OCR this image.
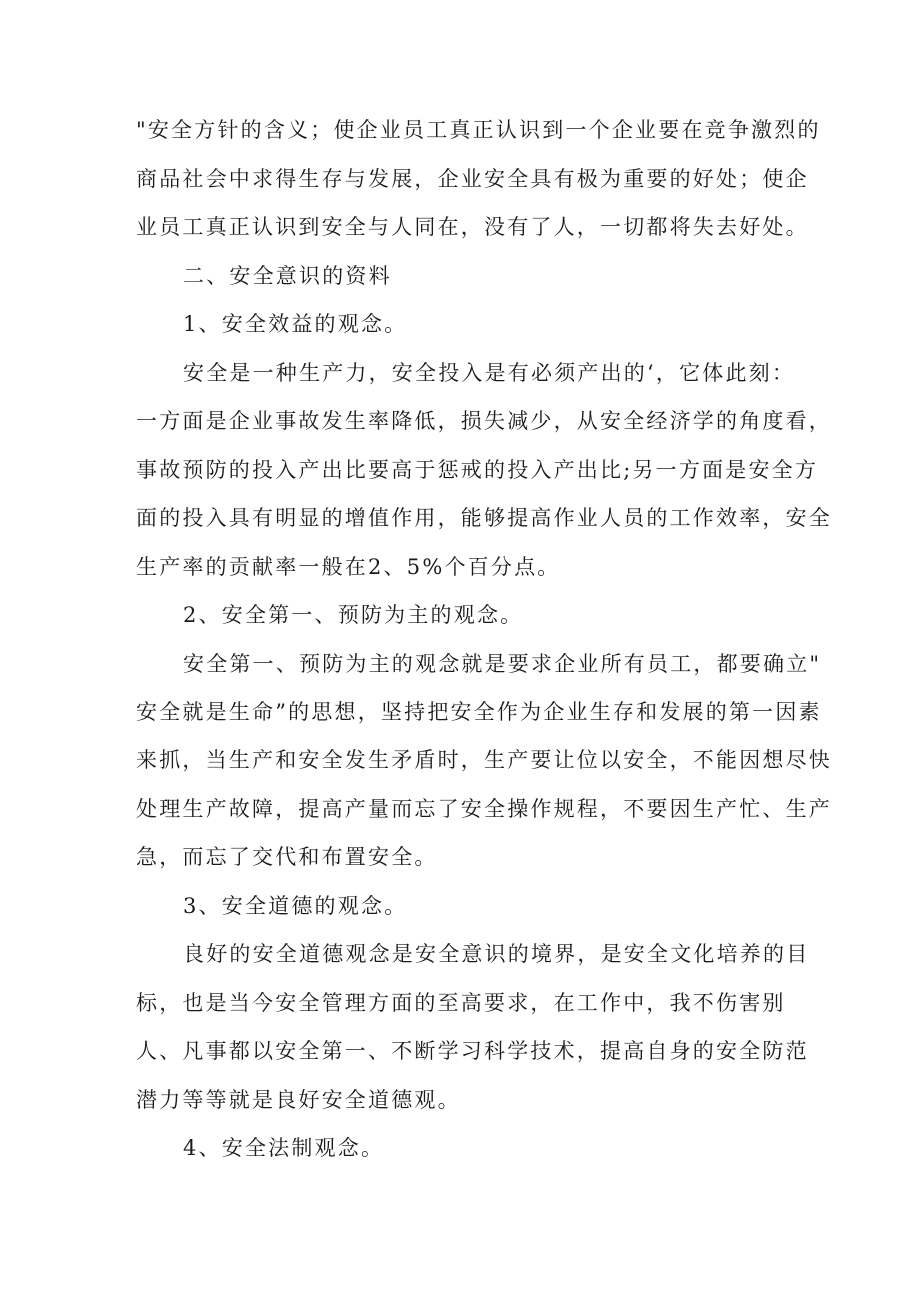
"安全方针的含义；使企业员工真正认识到一个企业要在竞争激烈的

商品社会中求得生存与发展，企业安全具有极为重要的好处；使企

业员工真正认识到安全与人同在，没有了人，一切都将失去好处。

二、安全意识的资料

1、安全效益的观念。

安全是一种生产力，安全投入是有必须产出的‘，它体此刻：

一方面是企业事故发生率降低，损失减少，从安全经济学的角度看，

事故预防的投入产出比要高于惩戒的投入产出比;另一方面是安全方

面的投入具有明显的增值作用，能够提高作业人员的工作效率，安全

生产率的贡献率一般在2、5%个百分点。

2、安全第一、预防为主的观念。

安全第一、预防为主的观念就是要求企业所有员工，都要确立"

安全就是生命”的思想，坚持把安全作为企业生存和发展的第一因素

来抓，当生产和安全发生矛盾时，生产要让位以安全，不能因想尽快

处理生产故障，提高产量而忘了安全操作规程，不要因生产忙、生产

急，而忘了交代和布置安全。

3、安全道德的观念。

良好的安全道德观念是安全意识的境界，是安全文化培养的目

标，也是当今安全管理方面的至高要求，在工作中，我不伤害别

人、凡事都以安全第一、不断学习科学技术，提高自身的安全防范

潜力等等就是良好安全道德观。

4、安全法制观念。
